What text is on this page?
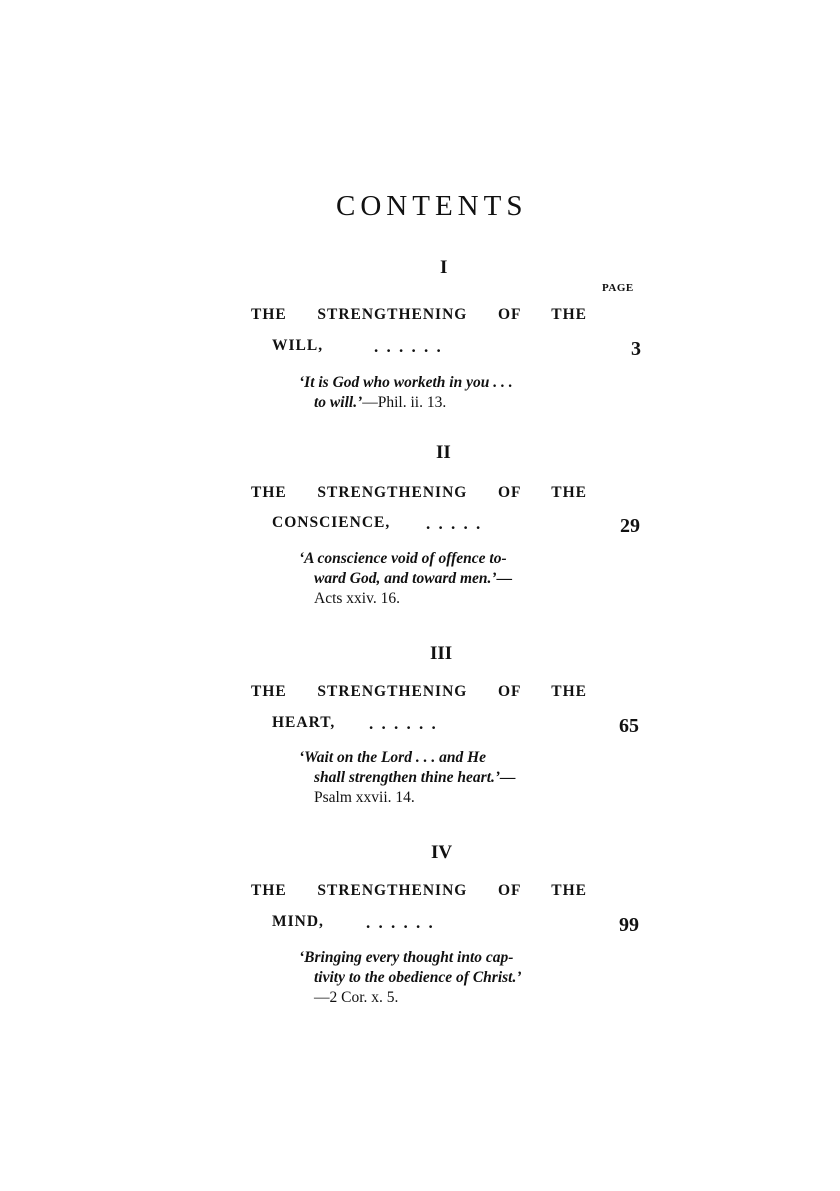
CONTENTS
PAGE
I
THE STRENGTHENING OF THE
WILL,	. . . . . .	3
‘It is God who worketh in you . . .
to will.’—Phil. ii. 13.
II
THE STRENGTHENING OF THE
CONSCIENCE, . . . . .	29
‘A conscience void of offence to-
ward God, and toward men.’—
Acts xxiv. 16.
III
THE STRENGTHENING OF THE
HEART, . . . . . .	65
‘Wait on the Lord . . . and He
shall strengthen thine heart.’—
Psalm xxvii. 14.
IV
THE STRENGTHENING OF THE
MIND, . . . . . .	99
‘Bringing every thought into cap-
tivity to the obedience of Christ.’
—2 Cor. x. 5.
